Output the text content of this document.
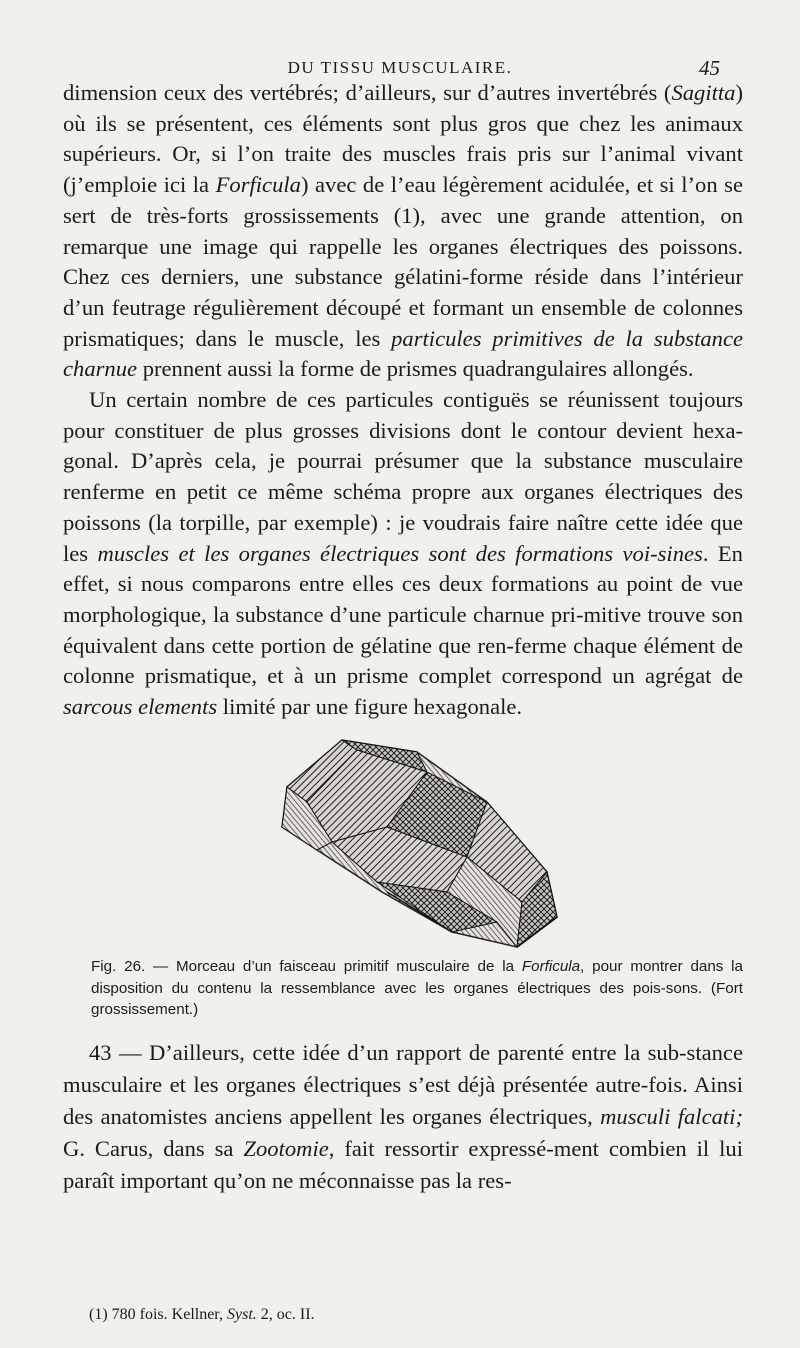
DU TISSU MUSCULAIRE.	45

dimension ceux des vertébrés; d’ailleurs, sur d’autres invertébrés (Sagitta) où ils se présentent, ces éléments sont plus gros que chez les animaux supérieurs. Or, si l’on traite des muscles frais pris sur l’animal vivant (j’emploie ici la Forficula) avec de l’eau légèrement acidulée, et si l’on se sert de très-forts grossissements (1), avec une grande attention, on remarque une image qui rappelle les organes électriques des poissons. Chez ces derniers, une substance gélatini-forme réside dans l’intérieur d’un feutrage régulièrement découpé et formant un ensemble de colonnes prismatiques; dans le muscle, les particules primitives de la substance charnue prennent aussi la forme de prismes quadrangulaires allongés.

Un certain nombre de ces particules contiguës se réunissent toujours pour constituer de plus grosses divisions dont le contour devient hexa-gonal. D’après cela, je pourrai présumer que la substance musculaire renferme en petit ce même schéma propre aux organes électriques des poissons (la torpille, par exemple) : je voudrais faire naître cette idée que les muscles et les organes électriques sont des formations voi-sines. En effet, si nous comparons entre elles ces deux formations au point de vue morphologique, la substance d’une particule charnue pri-mitive trouve son équivalent dans cette portion de gélatine que ren-ferme chaque élément de colonne prismatique, et à un prisme complet correspond un agrégat de sarcous elements limité par une figure hexagonale.

Fig. 26. — Morceau d’un faisceau primitif musculaire de la Forficula, pour montrer dans la disposition du contenu la ressemblance avec les organes électriques des pois-sons. (Fort grossissement.)

43 — D’ailleurs, cette idée d’un rapport de parenté entre la sub-stance musculaire et les organes électriques s’est déjà présentée autre-fois. Ainsi des anatomistes anciens appellent les organes électriques, musculi falcati; G. Carus, dans sa Zootomie, fait ressortir expressé-ment combien il lui paraît important qu’on ne méconnaisse pas la res-

(1) 780 fois. Kellner, Syst. 2, oc. II.
